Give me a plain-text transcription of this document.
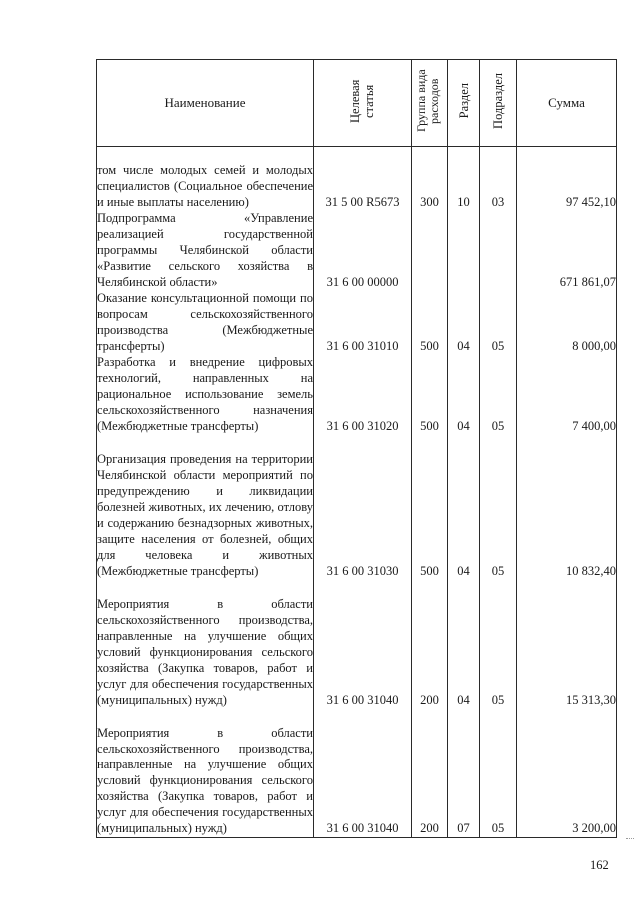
Наименование	Целевая статья	Группа вида расходов	Раздел	Подраздел	Сумма

том числе молодых семей и молодых специалистов (Социальное обеспечение и иные выплаты населению)	31 5 00 R5673	300	10	03	97 452,10

Подпрограмма «Управление реализацией государственной программы Челябинской области «Развитие сельского хозяйства в Челябинской области»	31 6 00 00000				671 861,07

Оказание консультационной помощи по вопросам сельскохозяйственного производства (Межбюджетные трансферты)	31 6 00 31010	500	04	05	8 000,00

Разработка и внедрение цифровых технологий, направленных на рациональное использование земель сельскохозяйственного назначения (Межбюджетные трансферты)	31 6 00 31020	500	04	05	7 400,00

Организация проведения на территории Челябинской области мероприятий по предупреждению и ликвидации болезней животных, их лечению, отлову и содержанию безнадзорных животных, защите населения от болезней, общих для человека и животных (Межбюджетные трансферты)	31 6 00 31030	500	04	05	10 832,40

Мероприятия в области сельскохозяйственного производства, направленные на улучшение общих условий функционирования сельского хозяйства (Закупка товаров, работ и услуг для обеспечения государственных (муниципальных) нужд)	31 6 00 31040	200	04	05	15 313,30

Мероприятия в области сельскохозяйственного производства, направленные на улучшение общих условий функционирования сельского хозяйства (Закупка товаров, работ и услуг для обеспечения государственных (муниципальных) нужд)	31 6 00 31040	200	07	05	3 200,00
162
